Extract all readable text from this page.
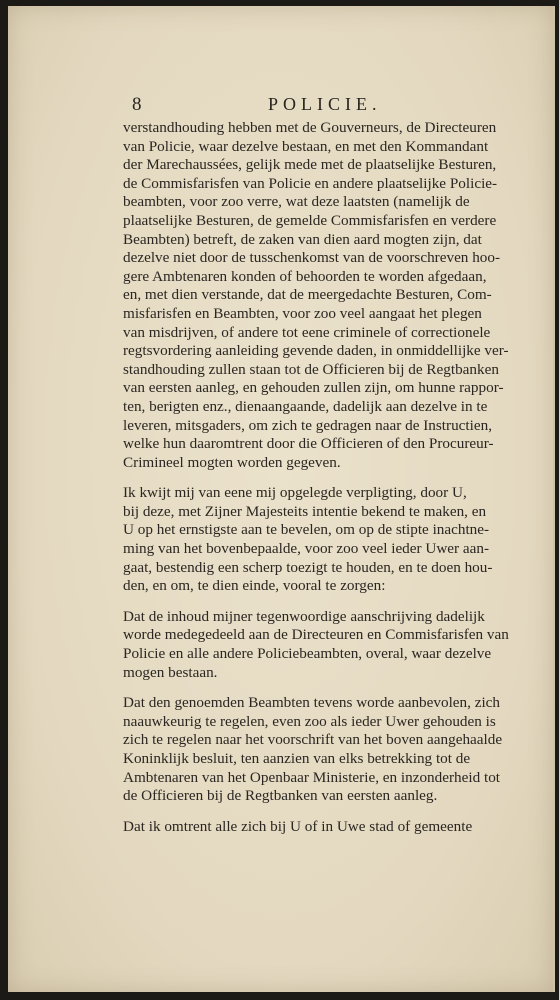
8	POLICIE.

verstandhouding hebben met de Gouverneurs, de Directeuren
van Policie, waar dezelve bestaan, en met den Kommandant
der Marechaussées, gelijk mede met de plaatselijke Besturen,
de Commisfarisfen van Policie en andere plaatselijke Policie-
beambten, voor zoo verre, wat deze laatsten (namelijk de
plaatselijke Besturen, de gemelde Commisfarisfen en verdere
Beambten) betreft, de zaken van dien aard mogten zijn, dat
dezelve niet door de tusschenkomst van de voorschreven hoo-
gere Ambtenaren konden of behoorden te worden afgedaan,
en, met dien verstande, dat de meergedachte Besturen, Com-
misfarisfen en Beambten, voor zoo veel aangaat het plegen
van misdrijven, of andere tot eene criminele of correctionele
regtsvordering aanleiding gevende daden, in onmiddellijke ver-
standhouding zullen staan tot de Officieren bij de Regtbanken
van eersten aanleg, en gehouden zullen zijn, om hunne rappor-
ten, berigten enz., dienaangaande, dadelijk aan dezelve in te
leveren, mitsgaders, om zich te gedragen naar de Instructien,
welke hun daaromtrent door die Officieren of den Procureur-
Crimineel mogten worden gegeven.

Ik kwijt mij van eene mij opgelegde verpligting, door U,
bij deze, met Zijner Majesteits intentie bekend te maken, en
U op het ernstigste aan te bevelen, om op de stipte inachtne-
ming van het bovenbepaalde, voor zoo veel ieder Uwer aan-
gaat, bestendig een scherp toezigt te houden, en te doen hou-
den, en om, te dien einde, vooral te zorgen:

Dat de inhoud mijner tegenwoordige aanschrijving dadelijk
worde medegedeeld aan de Directeuren en Commisfarisfen van
Policie en alle andere Policiebeambten, overal, waar dezelve
mogen bestaan.

Dat den genoemden Beambten tevens worde aanbevolen, zich
naauwkeurig te regelen, even zoo als ieder Uwer gehouden is
zich te regelen naar het voorschrift van het boven aangehaalde
Koninklijk besluit, ten aanzien van elks betrekking tot de
Ambtenaren van het Openbaar Ministerie, en inzonderheid tot
de Officieren bij de Regtbanken van eersten aanleg.

Dat ik omtrent alle zich bij U of in Uwe stad of gemeente
